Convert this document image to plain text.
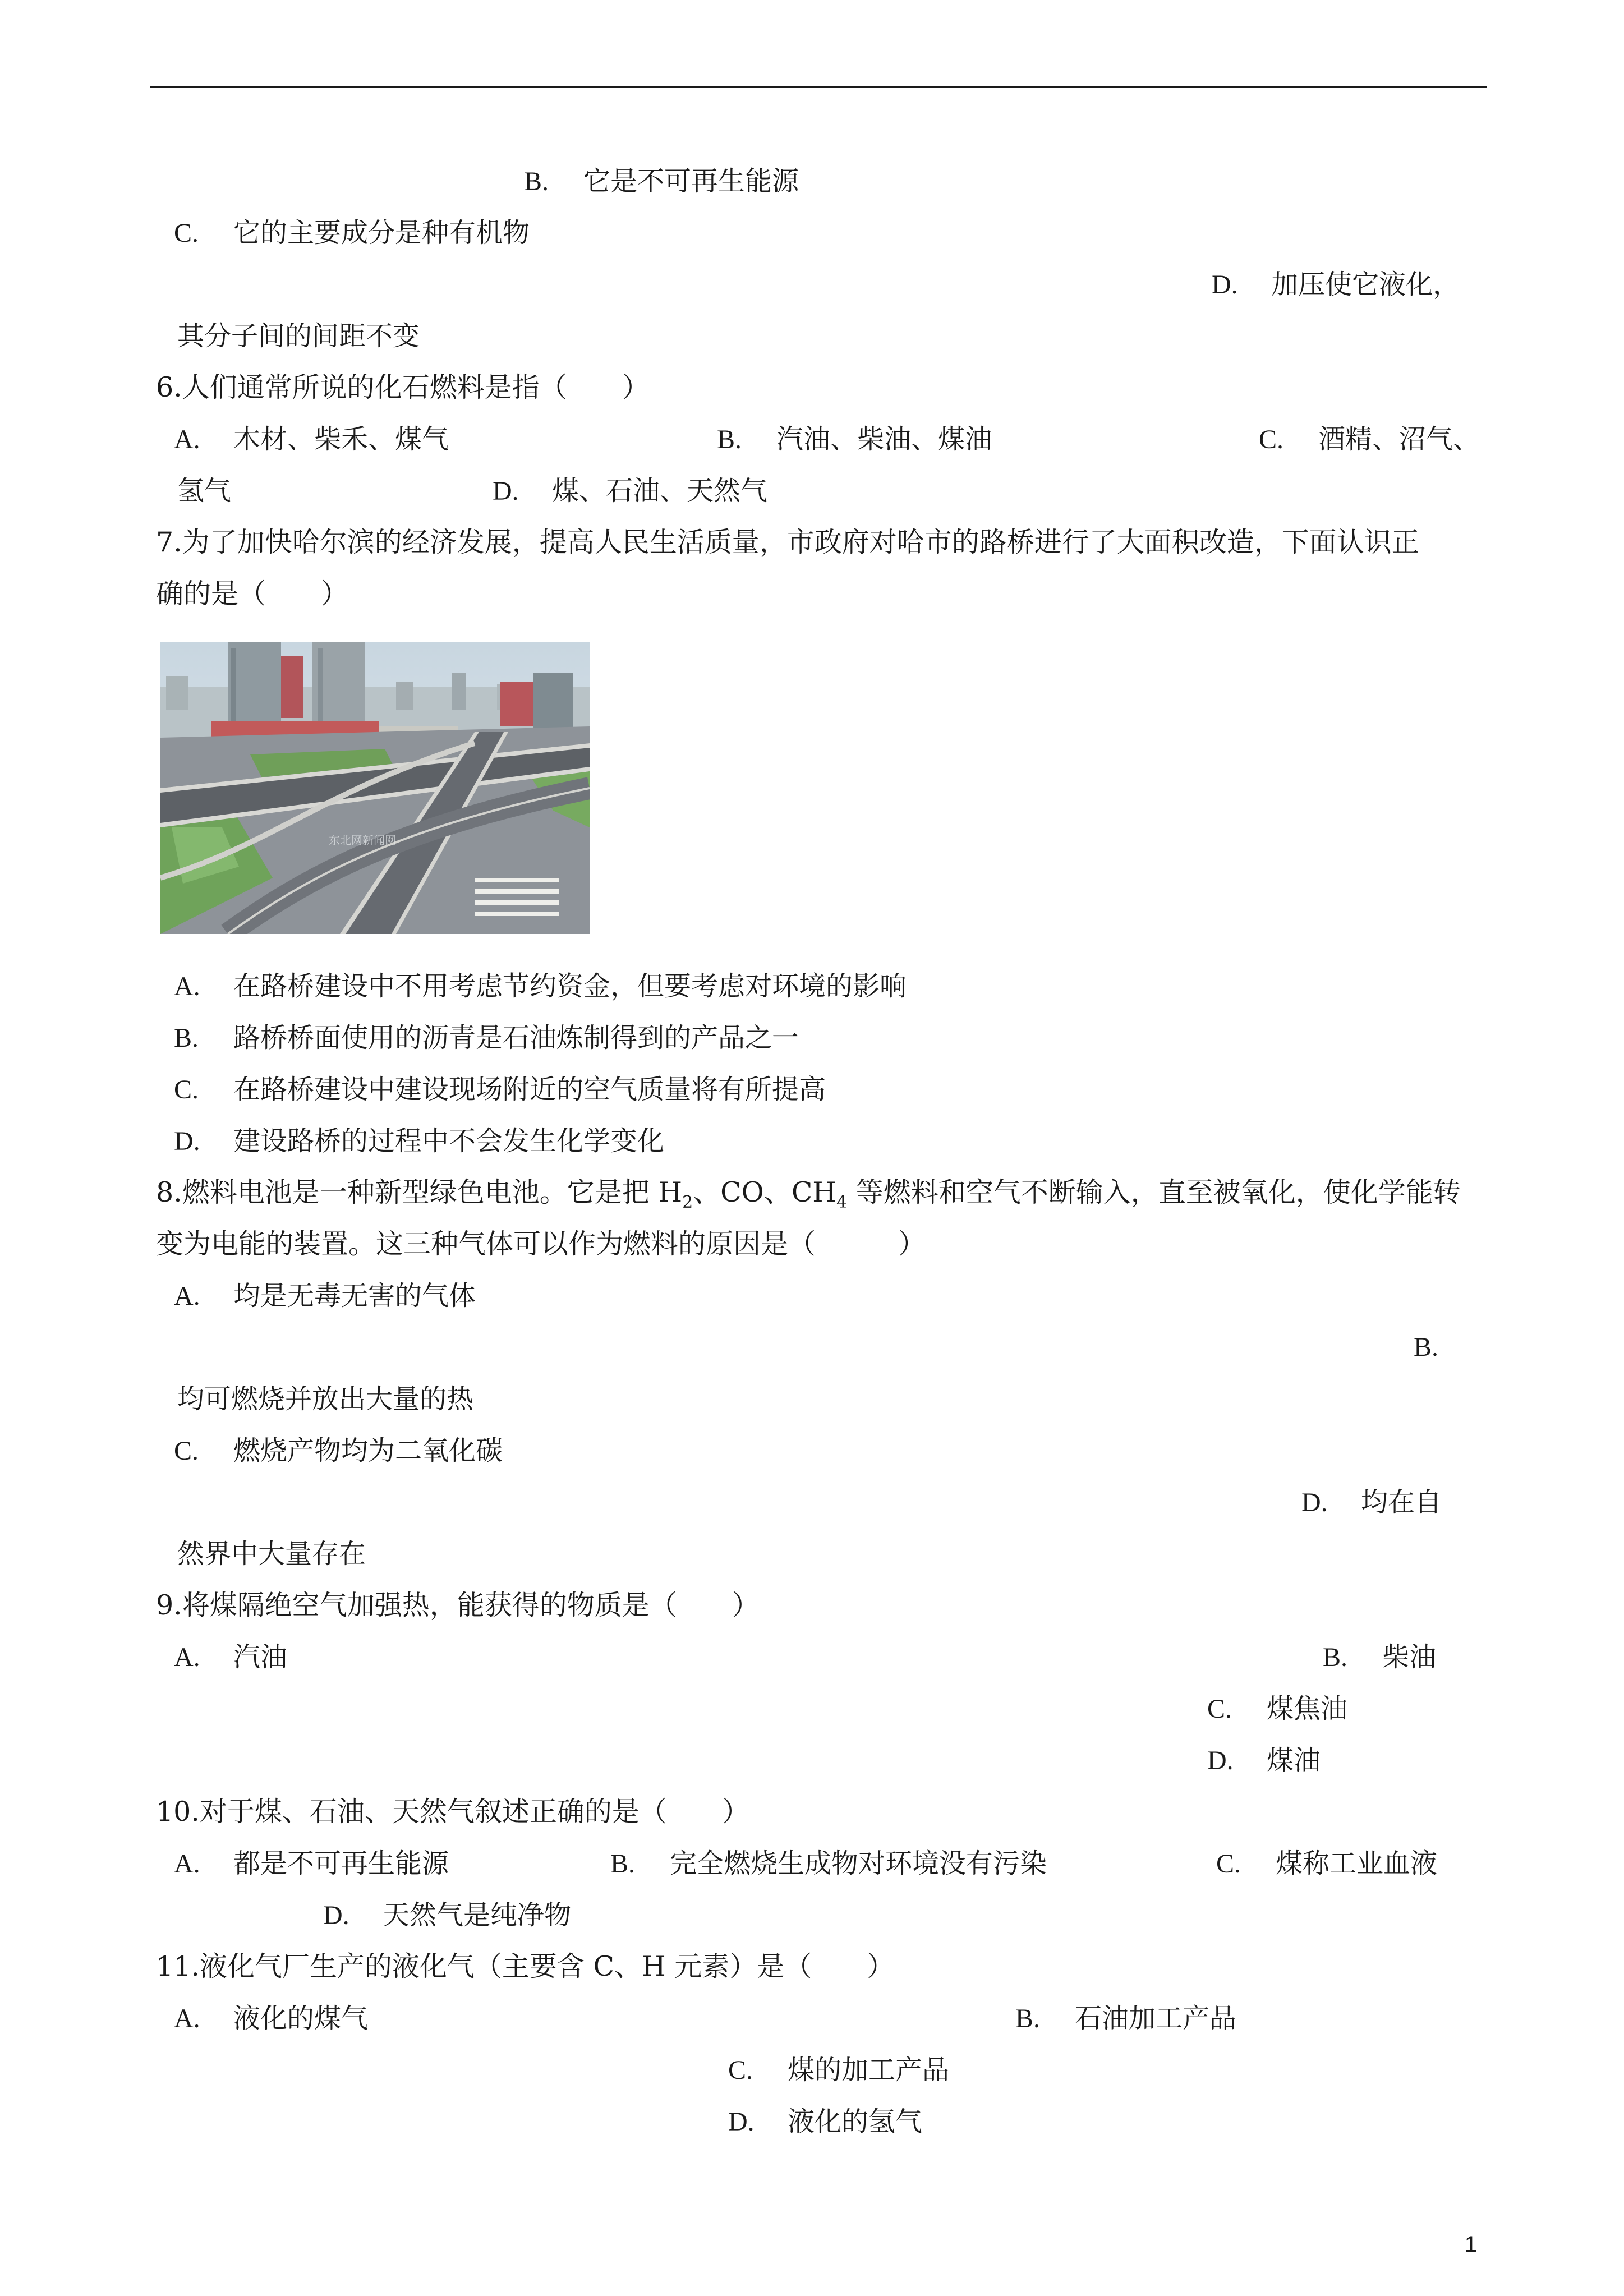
B. 它是不可再生能源
C. 它的主要成分是种有机物
D. 加压使它液化，
其分子间的间距不变
6.人们通常所说的化石燃料是指（　　）
A. 木材、柴禾、煤气	B. 汽油、柴油、煤油	C. 酒精、沼气、
氢气	D. 煤、石油、天然气
7.为了加快哈尔滨的经济发展，提高人民生活质量，市政府对哈市的路桥进行了大面积改造，下面认识正
确的是（　　）
东北网新闻网
A. 在路桥建设中不用考虑节约资金，但要考虑对环境的影响
B. 路桥桥面使用的沥青是石油炼制得到的产品之一
C. 在路桥建设中建设现场附近的空气质量将有所提高
D. 建设路桥的过程中不会发生化学变化
8.燃料电池是一种新型绿色电池。它是把 $H_2$、CO、$CH_4$ 等燃料和空气不断输入，直至被氧化，使化学能转
变为电能的装置。这三种气体可以作为燃料的原因是（　　　）
A. 均是无毒无害的气体
B.
均可燃烧并放出大量的热
C. 燃烧产物均为二氧化碳
D. 均在自
然界中大量存在
9.将煤隔绝空气加强热，能获得的物质是（　　）
A. 汽油	B. 柴油
C. 煤焦油
D. 煤油
10.对于煤、石油、天然气叙述正确的是（　　）
A. 都是不可再生能源	B. 完全燃烧生成物对环境没有污染	C. 煤称工业血液
D. 天然气是纯净物
11.液化气厂生产的液化气（主要含 C、H 元素）是（　　）
A. 液化的煤气	B. 石油加工产品
C. 煤的加工产品
D. 液化的氢气
1
